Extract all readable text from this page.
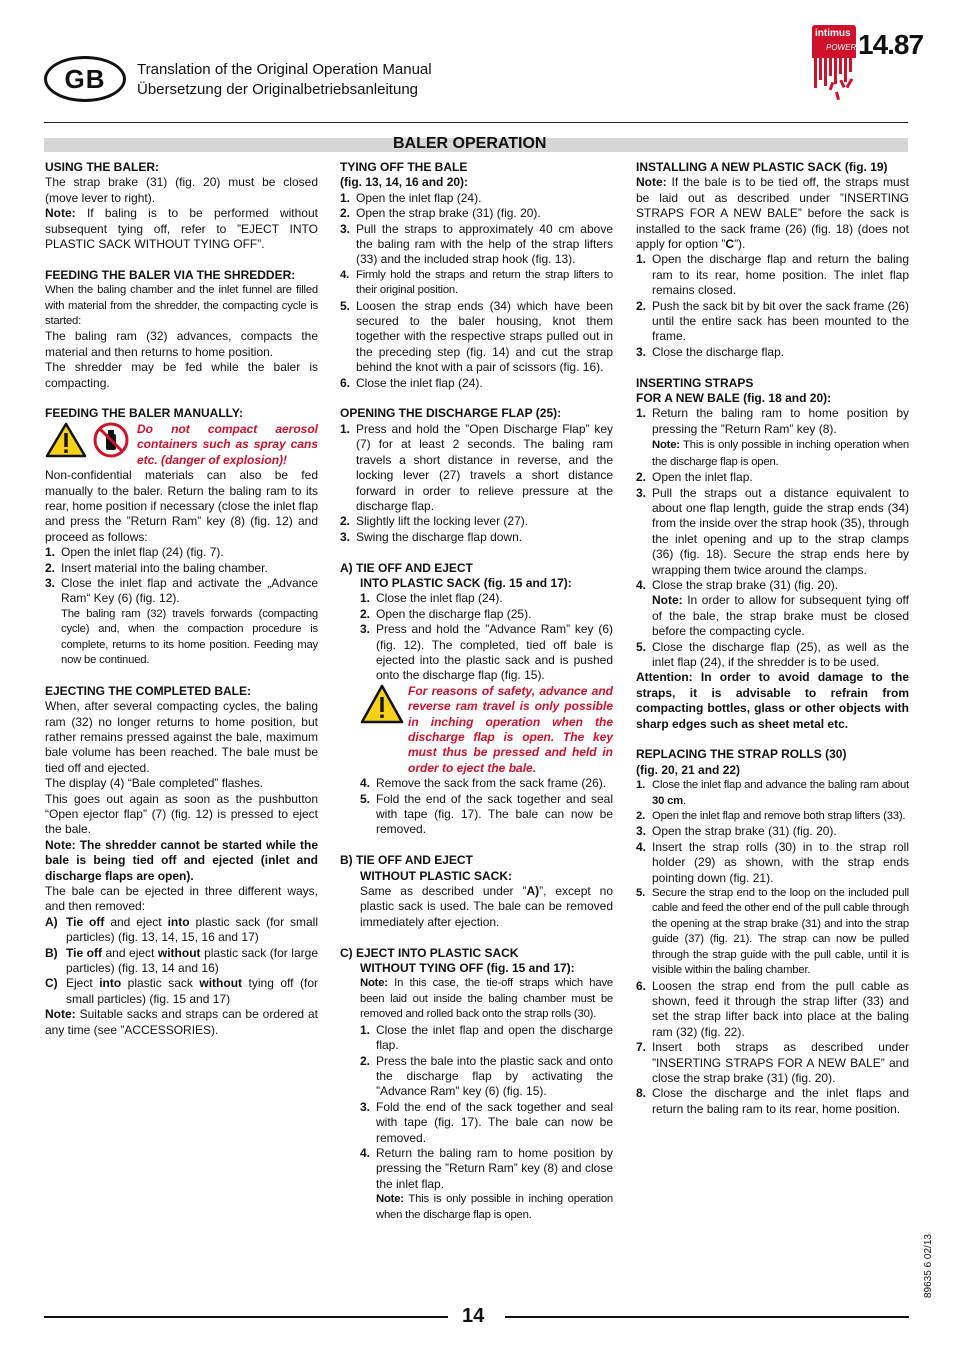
GB Translation of the Original Operation Manual
Übersetzung der Originalbetriebsanleitung
intimus
POWER 14.87
BALER OPERATION

USING THE BALER:

The strap brake (31) (fig. 20) must be closed (move lever to right).

Note: If baling is to be performed without subsequent tying off, refer to ”EJECT INTO PLASTIC SACK WITHOUT TYING OFF”.

FEEDING THE BALER VIA THE SHREDDER:

When the baling chamber and the inlet funnel are filled with material from the shredder, the compacting cycle is started:

The baling ram (32) advances, compacts the material and then returns to home position.

The shredder may be fed while the baler is compacting.

FEEDING THE BALER MANUALLY:

Do not compact aerosol containers such as spray cans etc. (danger of explosion)!

Non-confidential materials can also be fed manually to the baler. Return the baling ram to its rear, home position if necessary (close the inlet flap and press the ”Return Ram” key (8) (fig. 12) and proceed as follows:

1. Open the inlet flap (24) (fig. 7).
2. Insert material into the baling chamber.
3. Close the inlet flap and activate the „Advance Ram“ Key (6) (fig. 12).

The baling ram (32) travels forwards (compacting cycle) and, when the compaction procedure is complete, returns to its home position. Feeding may now be continued.

EJECTING THE COMPLETED BALE:

When, after several compacting cycles, the baling ram (32) no longer returns to home position, but rather remains pressed against the bale, maximum bale volume has been reached. The bale must be tied off and ejected.

The display (4) “Bale completed” flashes.

This goes out again as soon as the pushbutton “Open ejector flap” (7) (fig. 12) is pressed to eject the bale.

Note: The shredder cannot be started while the bale is being tied off and ejected (inlet and discharge flaps are open).

The bale can be ejected in three different ways, and then removed:

A) Tie off and eject into plastic sack (for small particles) (fig. 13, 14, 15, 16 and 17)
B) Tie off and eject without plastic sack (for large particles) (fig. 13, 14 and 16)
C) Eject into plastic sack without tying off (for small particles) (fig. 15 and 17)

Note: Suitable sacks and straps can be ordered at any time (see ”ACCESSORIES).

TYING OFF THE BALE

(fig. 13, 14, 16 and 20):

1. Open the inlet flap (24).
2. Open the strap brake (31) (fig. 20).
3. Pull the straps to approximately 40 cm above the baling ram with the help of the strap lifters (33) and the included strap hook (fig. 13).
4. Firmly hold the straps and return the strap lifters to their original position.
5. Loosen the strap ends (34) which have been secured to the baler housing, knot them together with the respective straps pulled out in the preceding step (fig. 14) and cut the strap behind the knot with a pair of scissors (fig. 16).
6. Close the inlet flap (24).

OPENING THE DISCHARGE FLAP (25):

1. Press and hold the ”Open Discharge Flap” key (7) for at least 2 seconds. The baling ram travels a short distance in reverse, and the locking lever (27) travels a short distance forward in order to relieve pressure at the discharge flap.
2. Slightly lift the locking lever (27).
3. Swing the discharge flap down.

A) TIE OFF AND EJECT

INTO PLASTIC SACK (fig. 15 and 17):

1. Close the inlet flap (24).
2. Open the discharge flap (25).
3. Press and hold the ”Advance Ram” key (6) (fig. 12). The completed, tied off bale is ejected into the plastic sack and is pushed onto the discharge flap (fig. 15).

For reasons of safety, advance and reverse ram travel is only possible in inching operation when the discharge flap is open. The key must thus be pressed and held in order to eject the bale.

4. Remove the sack from the sack frame (26).
5. Fold the end of the sack together and seal with tape (fig. 17). The bale can now be removed.

B) TIE OFF AND EJECT

WITHOUT PLASTIC SACK:

Same as described under ”A)”, except no plastic sack is used. The bale can be removed immediately after ejection.

C) EJECT INTO PLASTIC SACK

WITHOUT TYING OFF (fig. 15 and 17):

Note: In this case, the tie-off straps which have been laid out inside the baling chamber must be removed and rolled back onto the strap rolls (30).

1. Close the inlet flap and open the discharge flap.
2. Press the bale into the plastic sack and onto the discharge flap by activating the ”Advance Ram” key (6) (fig. 15).
3. Fold the end of the sack together and seal with tape (fig. 17). The bale can now be removed.
4. Return the baling ram to home position by pressing the ”Return Ram” key (8) and close the inlet flap.

Note: This is only possible in inching operation when the discharge flap is open.

INSTALLING A NEW PLASTIC SACK (fig. 19)

Note: If the bale is to be tied off, the straps must be laid out as described under ”INSERTING STRAPS FOR A NEW BALE” before the sack is installed to the sack frame (26) (fig. 18) (does not apply for option ”C”).

1. Open the discharge flap and return the baling ram to its rear, home position. The inlet flap remains closed.
2. Push the sack bit by bit over the sack frame (26) until the entire sack has been mounted to the frame.
3. Close the discharge flap.

INSERTING STRAPS

FOR A NEW BALE (fig. 18 and 20):

1. Return the baling ram to home position by pressing the ”Return Ram” key (8).
Note: This is only possible in inching operation when the discharge flap is open.
2. Open the inlet flap.
3. Pull the straps out a distance equivalent to about one flap length, guide the strap ends (34) from the inside over the strap hook (35), through the inlet opening and up to the strap clamps (36) (fig. 18). Secure the strap ends here by wrapping them twice around the clamps.
4. Close the strap brake (31) (fig. 20).
Note: In order to allow for subsequent tying off of the bale, the strap brake must be closed before the compacting cycle.
5. Close the discharge flap (25), as well as the inlet flap (24), if the shredder is to be used.

Attention: In order to avoid damage to the straps, it is advisable to refrain from compacting bottles, glass or other objects with sharp edges such as sheet metal etc.

REPLACING THE STRAP ROLLS (30)

(fig. 20, 21 and 22)

1. Close the inlet flap and advance the baling ram about 30 cm.
2. Open the inlet flap and remove both strap lifters (33).
3. Open the strap brake (31) (fig. 20).
4. Insert the strap rolls (30) in to the strap roll holder (29) as shown, with the strap ends pointing down (fig. 21).
5. Secure the strap end to the loop on the included pull cable and feed the other end of the pull cable through the opening at the strap brake (31) and into the strap guide (37) (fig. 21). The strap can now be pulled through the strap guide with the pull cable, until it is visible within the baling chamber.
6. Loosen the strap end from the pull cable as shown, feed it through the strap lifter (33) and set the strap lifter back into place at the baling ram (32) (fig. 22).
7. Insert both straps as described under ”INSERTING STRAPS FOR A NEW BALE” and close the strap brake (31) (fig. 20).
8. Close the discharge and the inlet flaps and return the baling ram to its rear, home position.
89635 6 02/13
14
